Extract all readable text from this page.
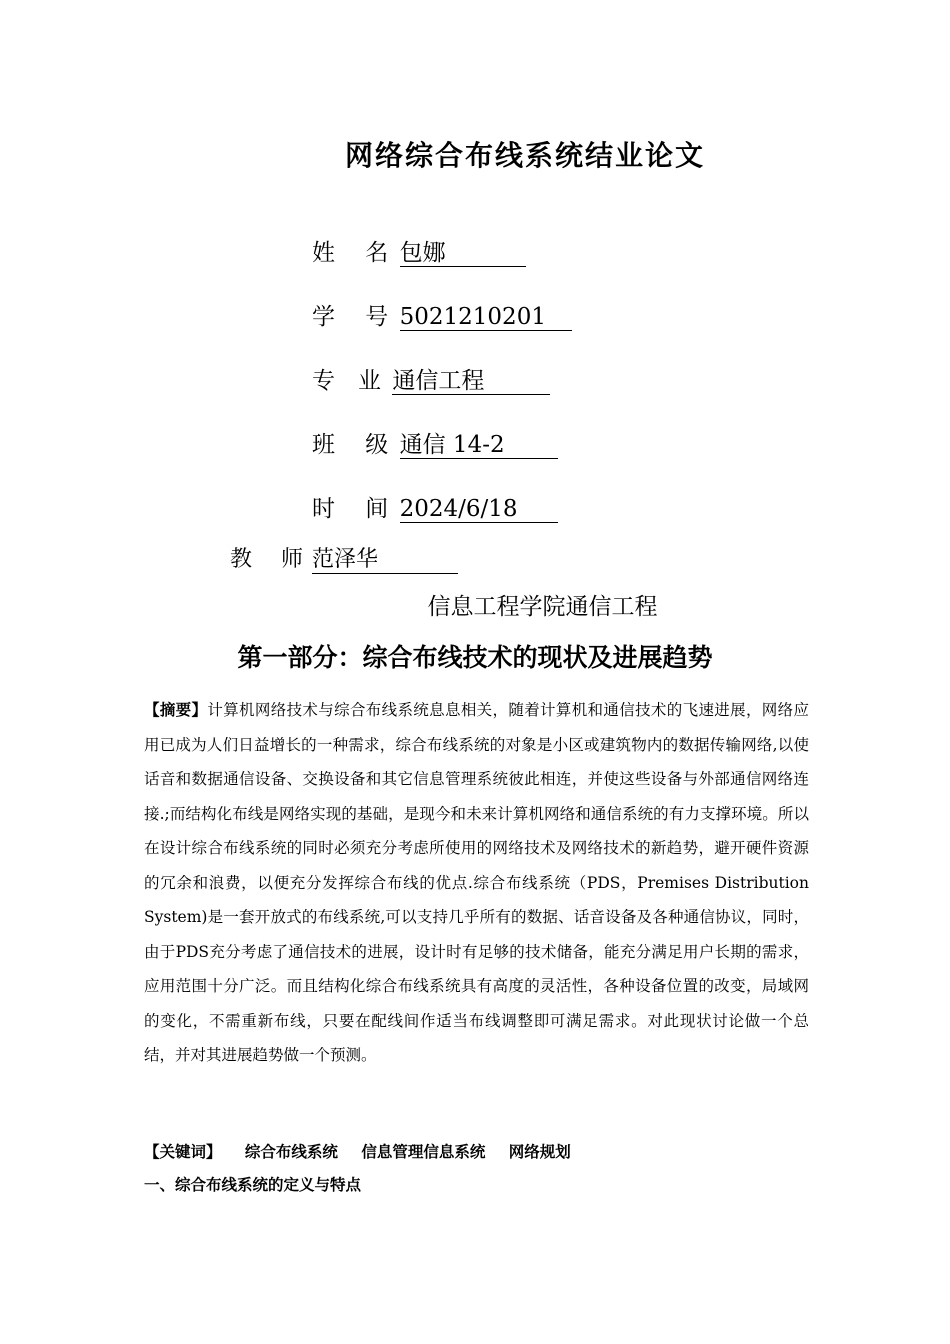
网络综合布线系统结业论文
姓　 名 包娜　　　
学　 号 5021210201　
专　业 通信工程　　
班　 级 通信 14-2　　
时　 间 2024/6/18　　
教　 师 范泽华　　　
信息工程学院通信工程
第一部分：综合布线技术的现状及进展趋势
【摘要】计算机网络技术与综合布线系统息息相关，随着计算机和通信技术的飞速进展，网络应用已成为人们日益增长的一种需求，综合布线系统的对象是小区或建筑物内的数据传输网络,以使话音和数据通信设备、交换设备和其它信息管理系统彼此相连，并使这些设备与外部通信网络连接.;而结构化布线是网络实现的基础，是现今和未来计算机网络和通信系统的有力支撑环境。所以在设计综合布线系统的同时必须充分考虑所使用的网络技术及网络技术的新趋势，避开硬件资源的冗余和浪费，以便充分发挥综合布线的优点.综合布线系统（PDS，Premises Distribution System)是一套开放式的布线系统,可以支持几乎所有的数据、话音设备及各种通信协议，同时，由于PDS充分考虑了通信技术的进展，设计时有足够的技术储备，能充分满足用户长期的需求，应用范围十分广泛。而且结构化综合布线系统具有高度的灵活性，各种设备位置的改变，局域网的变化，不需重新布线，只要在配线间作适当布线调整即可满足需求。对此现状讨论做一个总结，并对其进展趋势做一个预测。
【关键词】 综合布线系统 信息管理信息系统 网络规划
一、综合布线系统的定义与特点
